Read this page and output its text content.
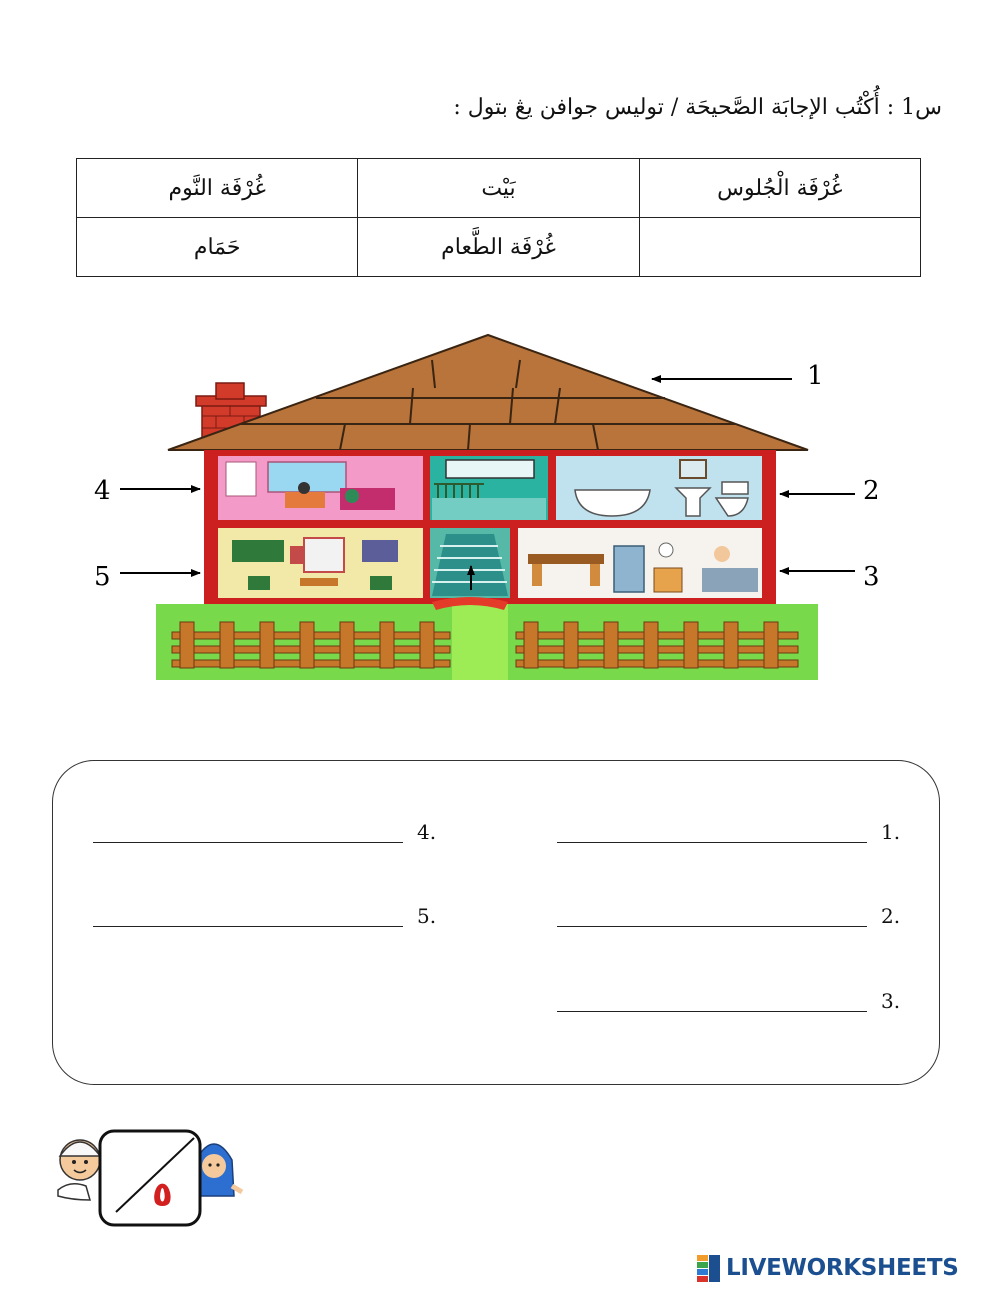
س1 : أُكْتُب الإجابَة الصَّحيحَة / توليس جوافن يڠ بتول :
غُرْفَة الْجُلوس	بَيْت	غُرْفَة النَّوم
	غُرْفَة الطَّعام	حَمَام
1
2
3
4
5
1.
2.
3.
4.
5.
٥
LIVEWORKSHEETS
